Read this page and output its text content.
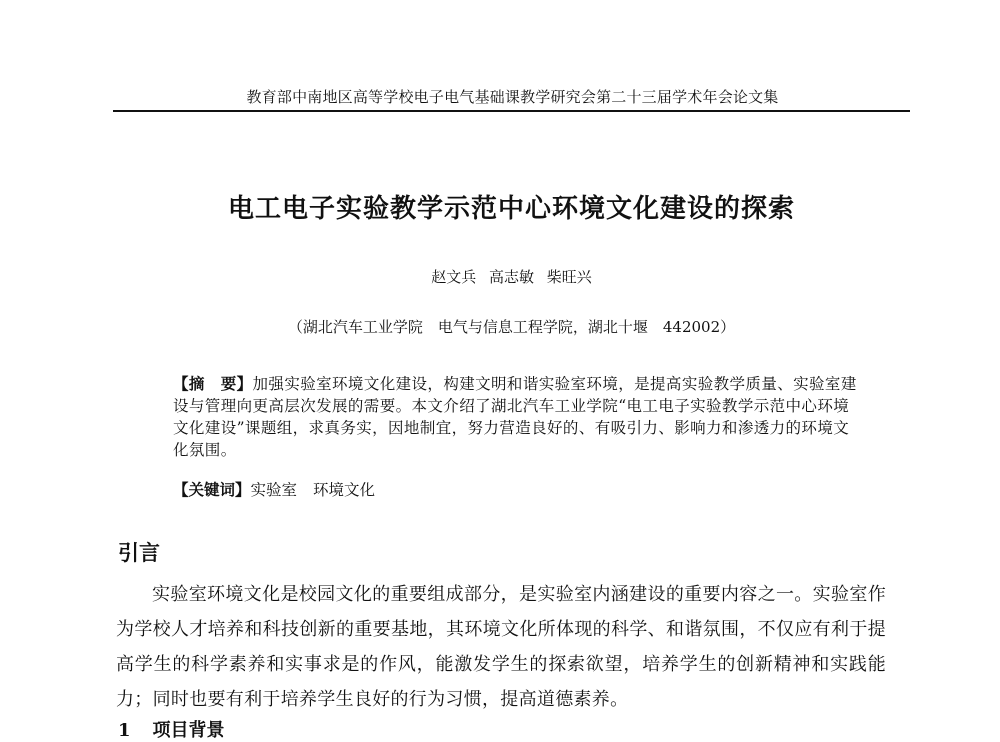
教育部中南地区高等学校电子电气基础课教学研究会第二十三届学术年会论文集
电工电子实验教学示范中心环境文化建设的探索
赵文兵 高志敏 柴旺兴
（湖北汽车工业学院　电气与信息工程学院，湖北十堰　442002）

【摘　要】加强实验室环境文化建设，构建文明和谐实验室环境，是提高实验教学质量、实验室建设与管理向更高层次发展的需要。本文介绍了湖北汽车工业学院“电工电子实验教学示范中心环境文化建设”课题组，求真务实，因地制宜，努力营造良好的、有吸引力、影响力和渗透力的环境文化氛围。

【关键词】实验室 环境文化
引言

实验室环境文化是校园文化的重要组成部分，是实验室内涵建设的重要内容之一。实验室作为学校人才培养和科技创新的重要基地，其环境文化所体现的科学、和谐氛围，不仅应有利于提高学生的科学素养和实事求是的作风，能激发学生的探索欲望，培养学生的创新精神和实践能力；同时也要有利于培养学生良好的行为习惯，提高道德素养。

1 项目背景
